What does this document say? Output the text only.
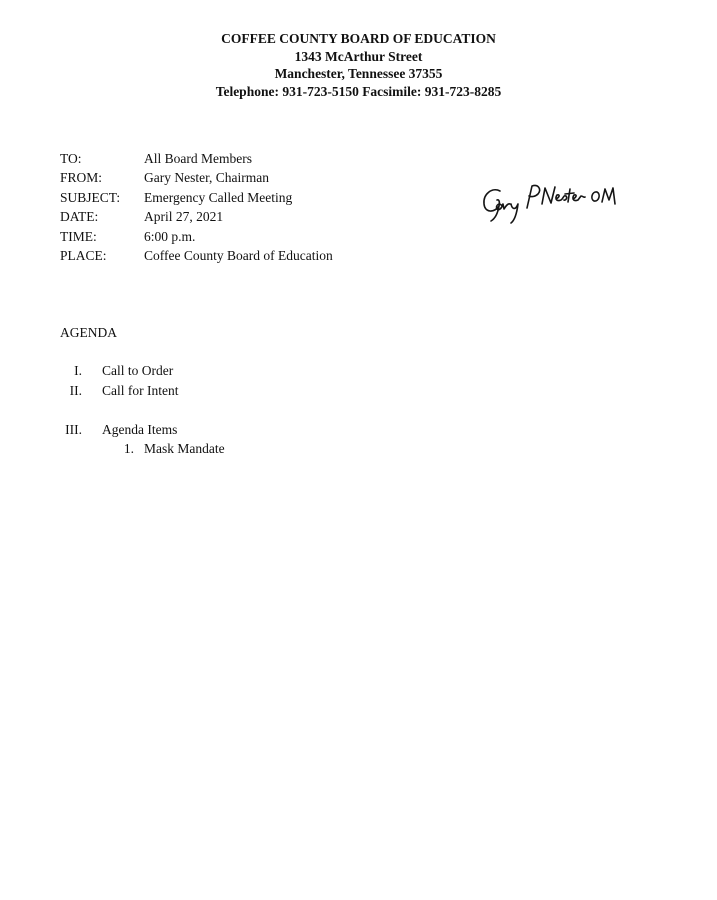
COFFEE COUNTY BOARD OF EDUCATION
1343 McArthur Street
Manchester, Tennessee 37355
Telephone: 931-723-5150 Facsimile: 931-723-8285
TO:	All Board Members
FROM:	Gary Nester, Chairman
SUBJECT:	Emergency Called Meeting
DATE:	April 27, 2021
TIME:	6:00 p.m.
PLACE:	Coffee County Board of Education
AGENDA
I. Call to Order
II. Call for Intent
III. Agenda Items
1. Mask Mandate
